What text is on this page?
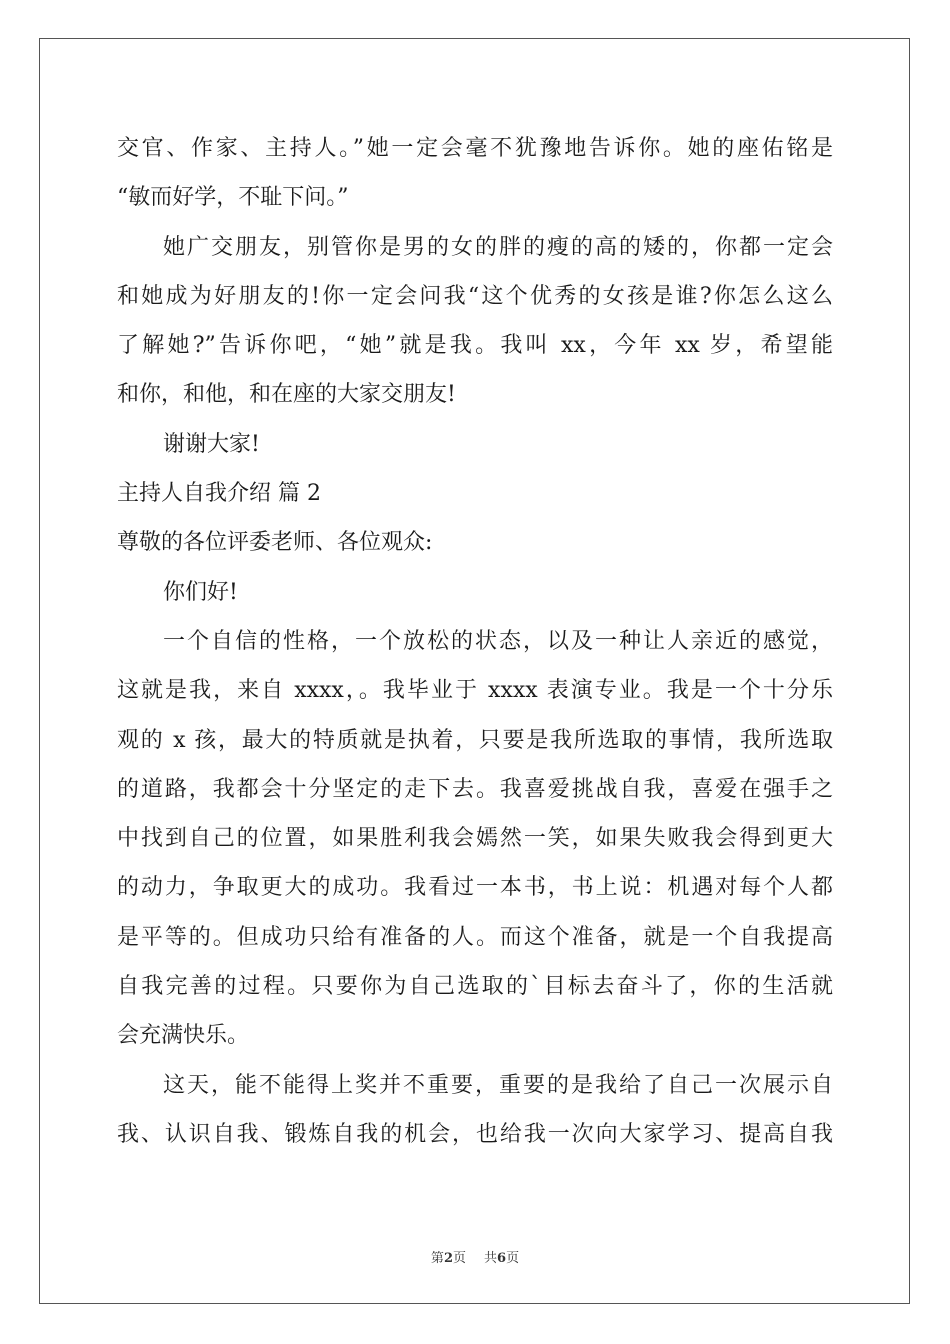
交官、作家、主持人。”她一定会毫不犹豫地告诉你。她的座佑铭是
“敏而好学，不耻下问。”
她广交朋友，别管你是男的女的胖的瘦的高的矮的，你都一定会
和她成为好朋友的!你一定会问我“这个优秀的女孩是谁?你怎么这么
了解她?”告诉你吧，“她”就是我。我叫 xx，今年 xx 岁，希望能
和你，和他，和在座的大家交朋友!
谢谢大家!
主持人自我介绍 篇 2
尊敬的各位评委老师、各位观众:
你们好!
一个自信的性格，一个放松的状态，以及一种让人亲近的感觉，
这就是我，来自 xxxx，。我毕业于 xxxx 表演专业。我是一个十分乐
观的 x 孩，最大的特质就是执着，只要是我所选取的事情，我所选取
的道路，我都会十分坚定的走下去。我喜爱挑战自我，喜爱在强手之
中找到自己的位置，如果胜利我会嫣然一笑，如果失败我会得到更大
的动力，争取更大的成功。我看过一本书，书上说：机遇对每个人都
是平等的。但成功只给有准备的人。而这个准备，就是一个自我提高
自我完善的过程。只要你为自己选取的`目标去奋斗了，你的生活就
会充满快乐。
这天，能不能得上奖并不重要，重要的是我给了自己一次展示自
我、认识自我、锻炼自我的机会，也给我一次向大家学习、提高自我
第2页 共6页
